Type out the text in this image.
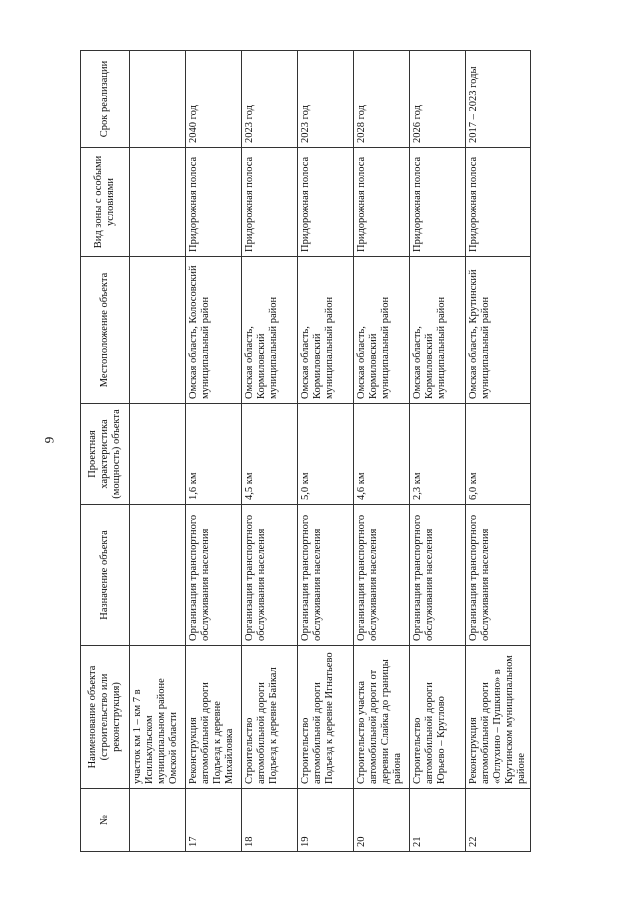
9
№	Наименование объекта (строительство или реконструкция)	Назначение объекта	Проектная характеристика (мощность) объекта	Местоположение объекта	Вид зоны с особыми условиями	Срок реализации
	участок км 1 – км 7 в Исилькульском муниципальном районе Омской области					
17	Реконструкция автомобильной дороги Подъезд к деревне Михайловка	Организация транспортного обслуживания населения	1,6 км	Омская область, Колосовский муниципальный район	Придорожная полоса	2040 год
18	Строительство автомобильной дороги Подъезд к деревне Байкал	Организация транспортного обслуживания населения	4,5 км	Омская область, Кормиловский муниципальный район	Придорожная полоса	2023 год
19	Строительство автомобильной дороги Подъезд к деревне Игнатьево	Организация транспортного обслуживания населения	5,0 км	Омская область, Кормиловский муниципальный район	Придорожная полоса	2023 год
20	Строительство участка автомобильной дороги от деревни Слайка до границы района	Организация транспортного обслуживания населения	4,6 км	Омская область, Кормиловский муниципальный район	Придорожная полоса	2028 год
21	Строительство автомобильной дороги Юрьево – Круглово	Организация транспортного обслуживания населения	2,3 км	Омская область, Кормиловский муниципальный район	Придорожная полоса	2026 год
22	Реконструкция автомобильной дороги «Оглухино – Пушкино» в Крутинском муниципальном районе	Организация транспортного обслуживания населения	6,0 км	Омская область, Крутинский муниципальный район	Придорожная полоса	2017 – 2023 годы
